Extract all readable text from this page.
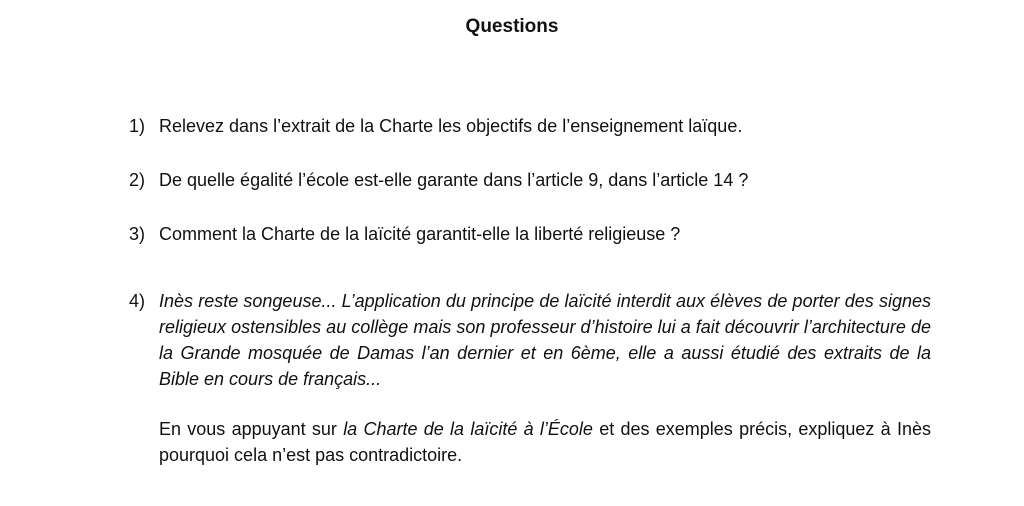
Questions
1) Relevez dans l’extrait de la Charte les objectifs de l’enseignement laïque.
2) De quelle égalité l’école est-elle garante dans l’article 9, dans l’article 14 ?
3) Comment la Charte de la laïcité garantit-elle la liberté religieuse ?
4) Inès reste songeuse... L’application du principe de laïcité interdit aux élèves de porter des signes religieux ostensibles au collège mais son professeur d’histoire lui a fait découvrir l’architecture de la Grande mosquée de Damas l’an dernier et en 6ème, elle a aussi étudié des extraits de la Bible en cours de français...

En vous appuyant sur la Charte de la laïcité à l’École et des exemples précis, expliquez à Inès pourquoi cela n’est pas contradictoire.
